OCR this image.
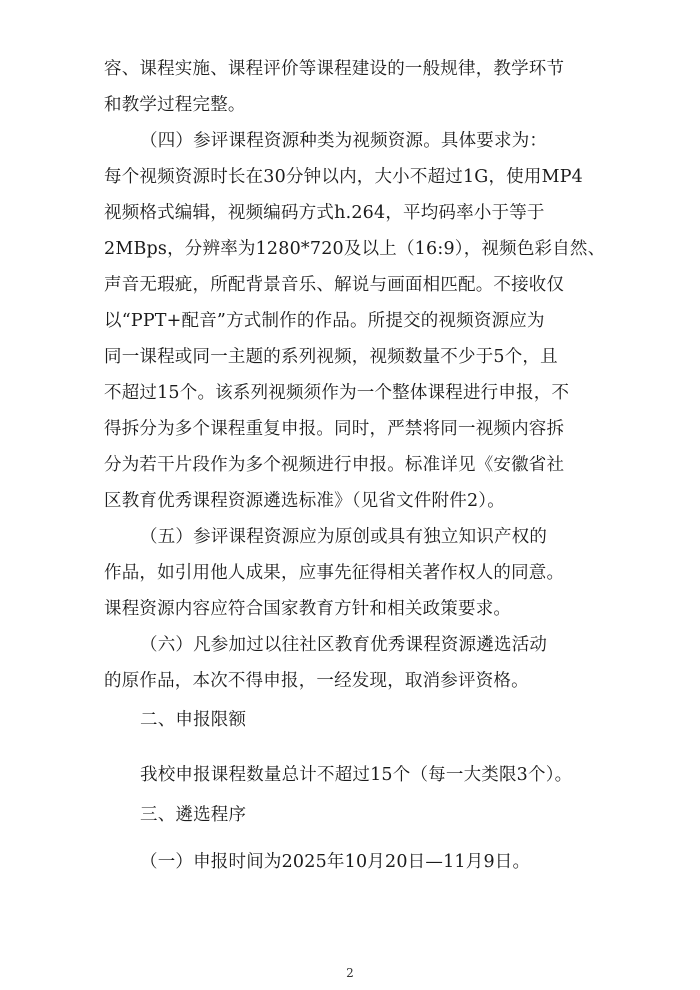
容、课程实施、课程评价等课程建设的一般规律，教学环节
和教学过程完整。
（四）参评课程资源种类为视频资源。具体要求为：
每个视频资源时长在30分钟以内，大小不超过1G，使用MP4
视频格式编辑，视频编码方式h.264，平均码率小于等于
2MBps，分辨率为1280*720及以上（16:9），视频色彩自然、
声音无瑕疵，所配背景音乐、解说与画面相匹配。不接收仅
以“PPT+配音”方式制作的作品。所提交的视频资源应为
同一课程或同一主题的系列视频，视频数量不少于5个，且
不超过15个。该系列视频须作为一个整体课程进行申报，不
得拆分为多个课程重复申报。同时，严禁将同一视频内容拆
分为若干片段作为多个视频进行申报。标准详见《安徽省社
区教育优秀课程资源遴选标准》（见省文件附件2）。
（五）参评课程资源应为原创或具有独立知识产权的
作品，如引用他人成果，应事先征得相关著作权人的同意。
课程资源内容应符合国家教育方针和相关政策要求。
（六）凡参加过以往社区教育优秀课程资源遴选活动
的原作品，本次不得申报，一经发现，取消参评资格。
二、申报限额
我校申报课程数量总计不超过15个（每一大类限3个）。
三、遴选程序
（一）申报时间为2025年10月20日—11月9日。
2
